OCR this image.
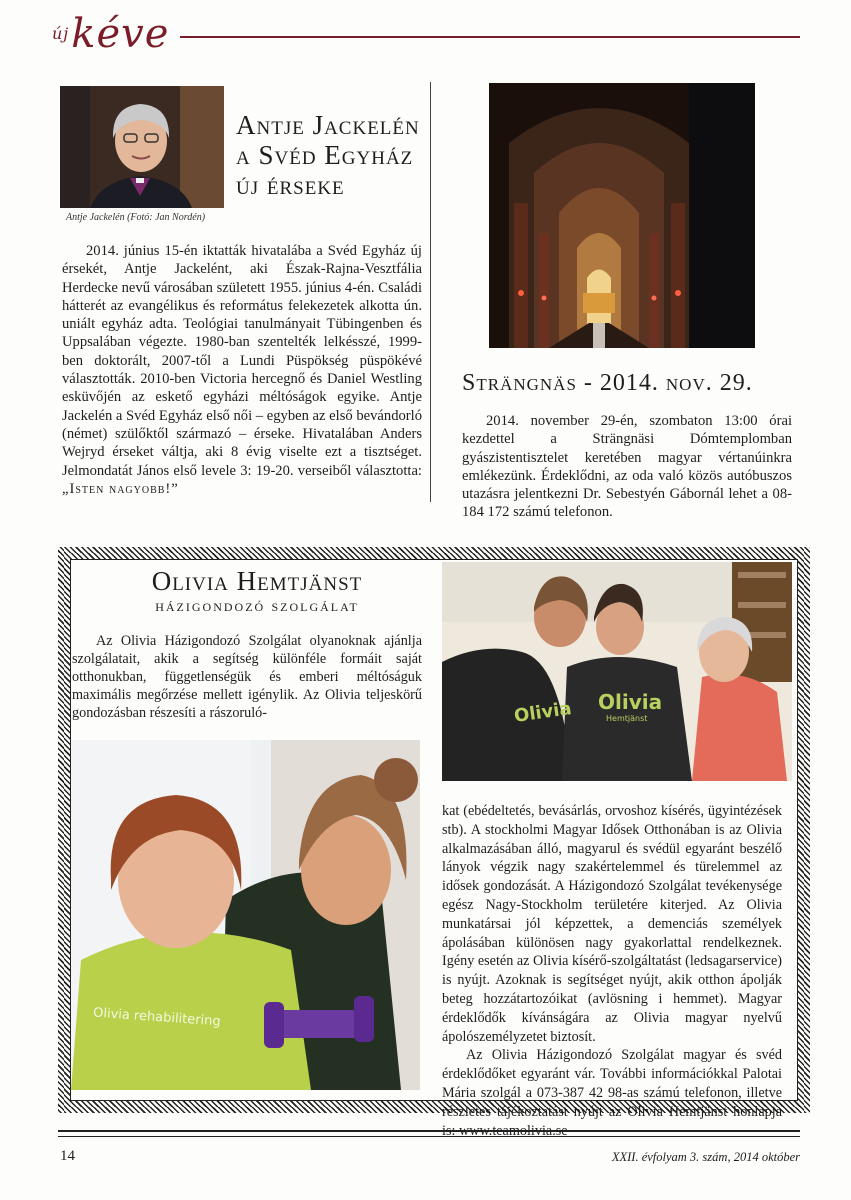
$^{új}$kéve
Antje Jackelén a Svéd Egyház új érseke
Antje Jackelén (Fotó: Jan Nordén)
2014. június 15-én iktatták hivatalába a Svéd Egyház új érsekét, Antje Jackelént, aki Észak-Rajna-Vesztfália Herdecke nevű városában született 1955. június 4-én. Családi hátterét az evangélikus és református felekezetek alkotta ún. uniált egyház adta. Teológiai tanulmányait Tübingenben és Uppsalában végezte. 1980-ban szentelték lelkésszé, 1999-ben doktorált, 2007-től a Lundi Püspökség püspökévé választották. 2010-ben Victoria hercegnő és Daniel Westling esküvőjén az eskető egyházi méltóságok egyike. Antje Jackelén a Svéd Egyház első női – egyben az első bevándorló (német) szülőktől származó – érseke. Hivatalában Anders Wejryd érseket váltja, aki 8 évig viselte ezt a tisztséget. Jelmondatát János első levele 3: 19-20. verseiből választotta: „Isten nagyobb!”
Strängnäs - 2014. nov. 29.
2014. november 29-én, szombaton 13:00 órai kezdettel a Strängnäsi Dómtemplomban gyászistentisztelet keretében magyar vértanúinkra emlékezünk. Érdeklődni, az oda való közös autóbuszos utazásra jelentkezni Dr. Sebestyén Gábornál lehet a 08-184 172 számú telefonon.
Olivia Hemtjänst
házigondozó szolgálat
Az Olivia Házigondozó Szolgálat olyanoknak ajánlja szolgálatait, akik a segítség különféle formáit saját otthonukban, függetlenségük és emberi méltóságuk maximális megőrzése mellett igénylik. Az Olivia teljeskörű gondozásban részesíti a rászoruló-	Olivia Olivia
Hemtjänst
Olivia rehabilitering
kat (ebédeltetés, bevásárlás, orvoshoz kísérés, ügyintézések stb). A stockholmi Magyar Idősek Otthonában is az Olivia alkalmazásában álló, magyarul és svédül egyaránt beszélő lányok végzik nagy szakértelemmel és türelemmel az idősek gondozását. A Házigondozó Szolgálat tevékenysége egész Nagy-Stockholm területére kiterjed. Az Olivia munkatársai jól képzettek, a demenciás személyek ápolásában különösen nagy gyakorlattal rendelkeznek. Igény esetén az Olivia kísérő-szolgáltatást (ledsagarservice) is nyújt. Azoknak is segítséget nyújt, akik otthon ápolják beteg hozzátartozóikat (avlösning i hemmet). Magyar érdeklődők kívánságára az Olivia magyar nyelvű ápolószemélyzetet biztosít.
Az Olivia Házigondozó Szolgálat magyar és svéd érdeklődőket egyaránt vár. További információkkal Palotai Mária szolgál a 073-387 42 98-as számú telefonon, illetve részletes tájékoztatást nyújt az Olivia Hemtjänst honlapja is: www.teamolivia.se
14	XXII. évfolyam 3. szám, 2014 október
